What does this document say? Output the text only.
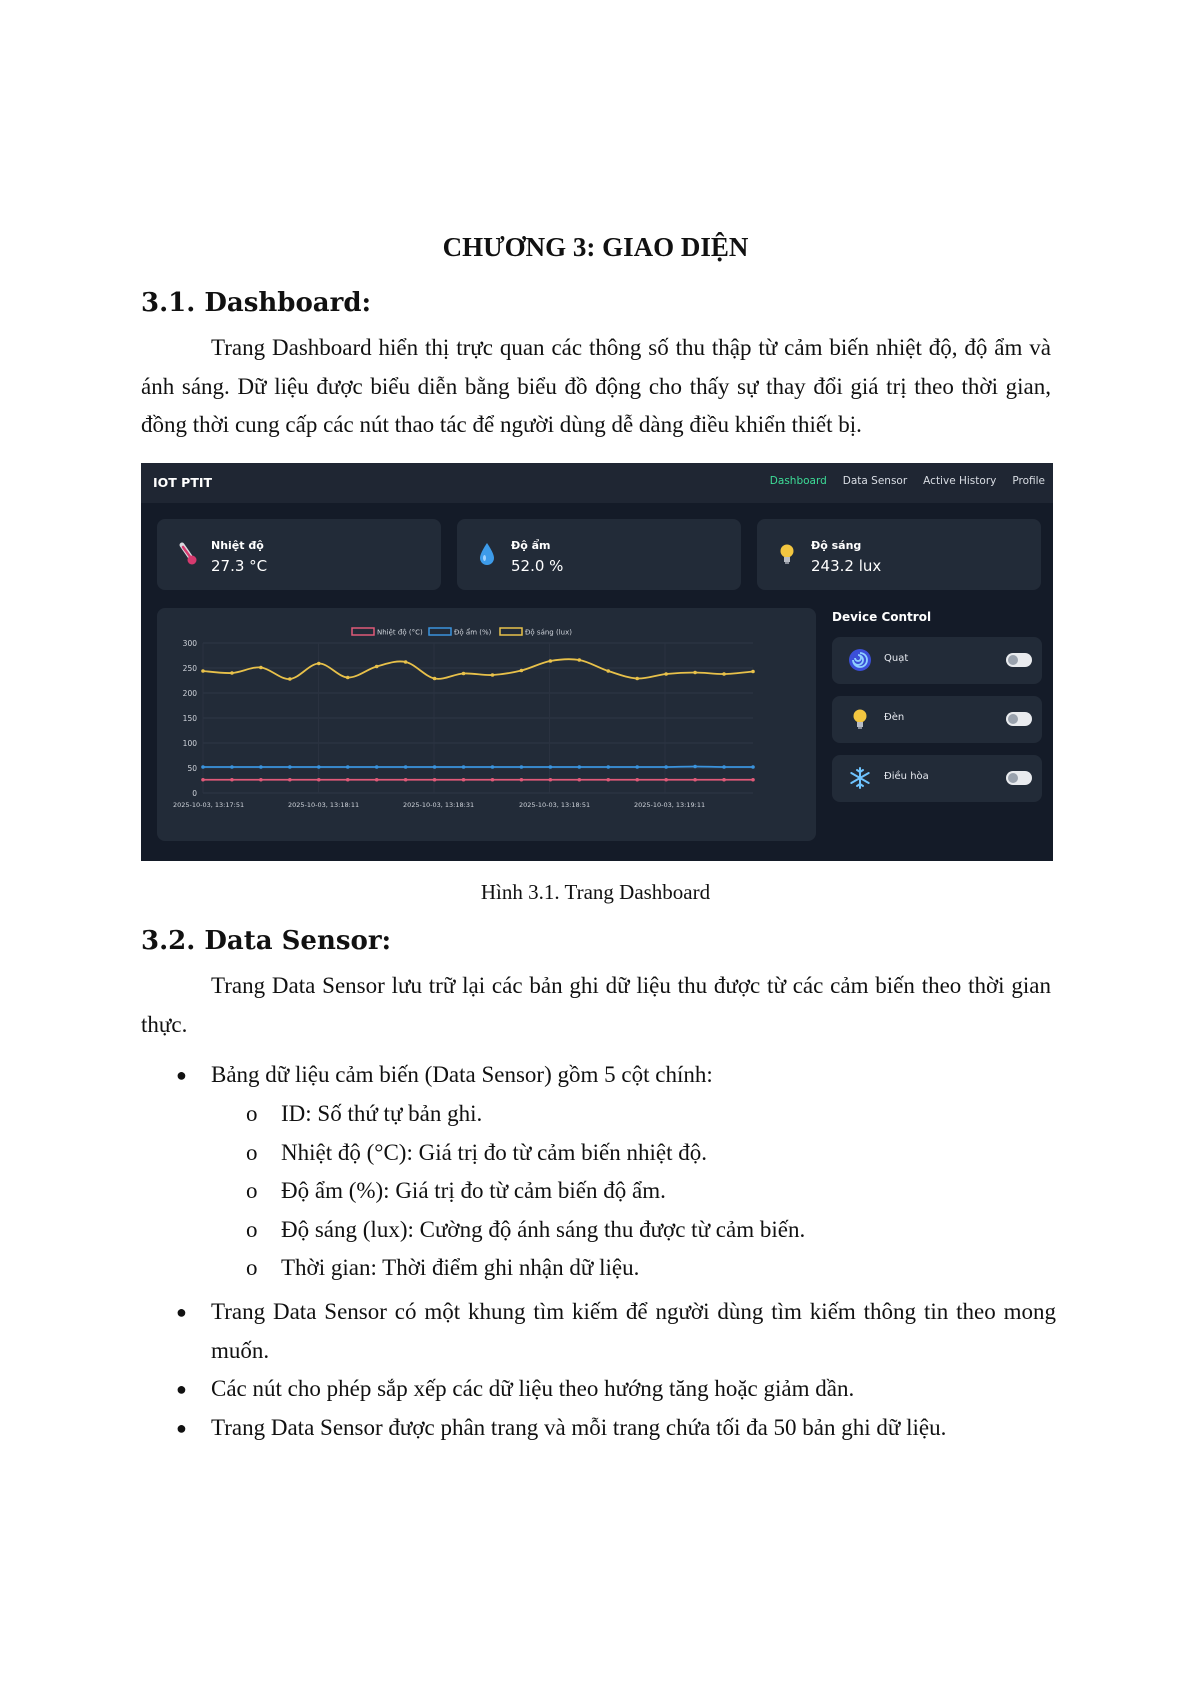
CHƯƠNG 3: GIAO DIỆN
3.1. Dashboard:
Trang Dashboard hiển thị trực quan các thông số thu thập từ cảm biến nhiệt độ, độ ẩm và ánh sáng. Dữ liệu được biểu diễn bằng biểu đồ động cho thấy sự thay đổi giá trị theo thời gian, đồng thời cung cấp các nút thao tác để người dùng dễ dàng điều khiển thiết bị.
IOT PTIT	Dashboard Data Sensor Active History Profile
Nhiệt độ
27.3 °C
Độ ẩm
52.0 %
Độ sáng
243.2 lux
0
50
100
150
200
250
300
2025-10-03, 13:17:51	2025-10-03, 13:18:11	2025-10-03, 13:18:31	2025-10-03, 13:18:51	2025-10-03, 13:19:11
Nhiệt độ (°C)	Độ ẩm (%)	Độ sáng (lux)
Device Control
Quạt
Đèn
Điều hòa
Hình 3.1. Trang Dashboard
3.2. Data Sensor:
Trang Data Sensor lưu trữ lại các bản ghi dữ liệu thu được từ các cảm biến theo thời gian thực.
● Bảng dữ liệu cảm biến (Data Sensor) gồm 5 cột chính:
o ID: Số thứ tự bản ghi.
o Nhiệt độ (°C): Giá trị đo từ cảm biến nhiệt độ.
o Độ ẩm (%): Giá trị đo từ cảm biến độ ẩm.
o Độ sáng (lux): Cường độ ánh sáng thu được từ cảm biến.
o Thời gian: Thời điểm ghi nhận dữ liệu.
● Trang Data Sensor có một khung tìm kiếm để người dùng tìm kiếm thông tin theo mong muốn.
● Các nút cho phép sắp xếp các dữ liệu theo hướng tăng hoặc giảm dần.
● Trang Data Sensor được phân trang và mỗi trang chứa tối đa 50 bản ghi dữ liệu.
